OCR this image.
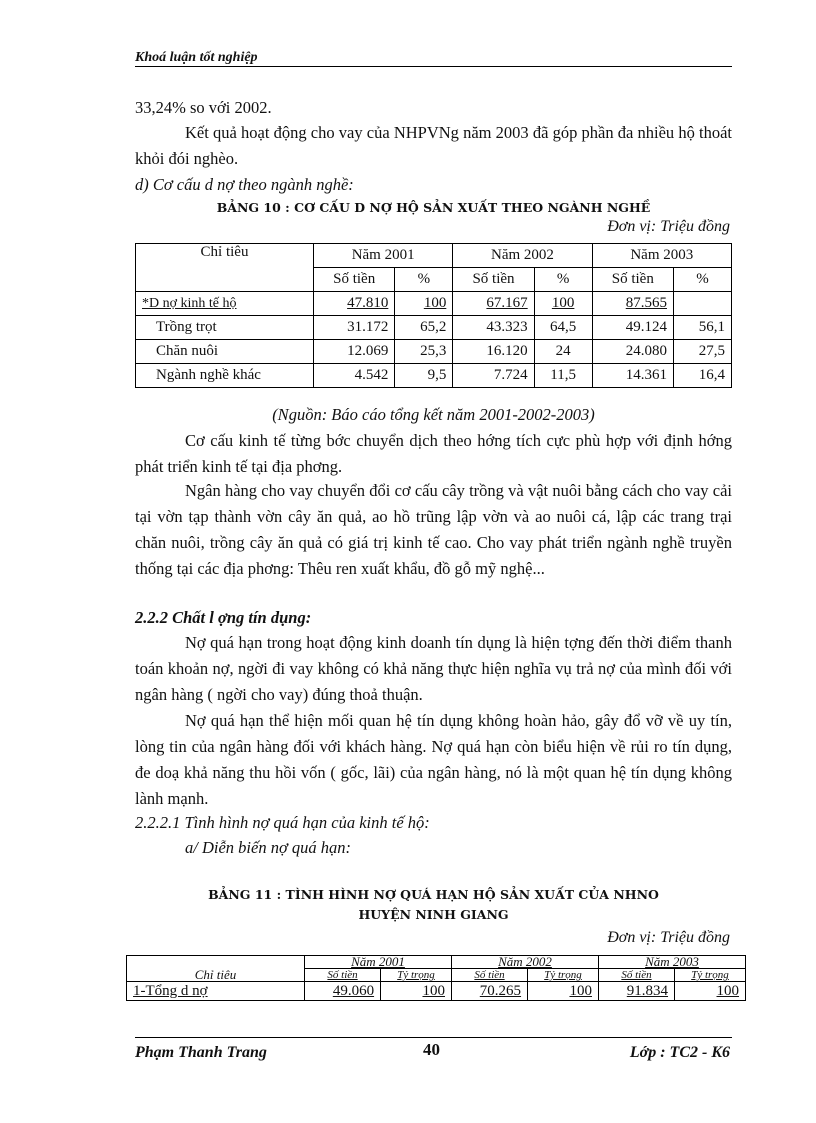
Khoá luận tốt nghiệp
33,24% so với 2002.
Kết quả hoạt động cho vay của NHPVNg năm 2003 đã góp phần đa nhiều hộ thoát khỏi đói nghèo.
d) Cơ cấu d nợ theo ngành nghề:
BẢNG 10 : CƠ CẤU D NỢ HỘ SẢN XUẤT THEO NGÀNH NGHỀ
Đơn vị: Triệu đồng
Chỉ tiêu	Năm 2001		Năm 2002		Năm 2003	
	Số tiền	%	Số tiền	%	Số tiền	%
*D nợ kinh tế hộ	47.810	100	67.167	100	87.565	
Trồng trọt	31.172	65,2	43.323	64,5	49.124	56,1
Chăn nuôi	12.069	25,3	16.120	24	24.080	27,5
Ngành nghề khác	4.542	9,5	7.724	11,5	14.361	16,4
(Nguồn: Báo cáo tổng kết năm 2001-2002-2003)
Cơ cấu kinh tế từng bớc chuyển dịch theo hớng tích cực phù hợp với định hớng phát triển kinh tế tại địa phơng.
Ngân hàng cho vay chuyển đổi cơ cấu cây trồng và vật nuôi bằng cách cho vay cải tại vờn tạp thành vờn cây ăn quả, ao hồ trũng lập vờn và ao nuôi cá, lập các trang trại chăn nuôi, trồng cây ăn quả có giá trị kinh tế cao. Cho vay phát triển ngành nghề truyền thống tại các địa phơng: Thêu ren xuất khẩu, đồ gỗ mỹ nghệ...
2.2.2 Chất l ợng tín dụng:
Nợ quá hạn trong hoạt động kinh doanh tín dụng là hiện tợng đến thời điểm thanh toán khoản nợ, ngời đi vay không có khả năng thực hiện nghĩa vụ trả nợ của mình đối với ngân hàng ( ngời cho vay) đúng thoả thuận.
Nợ quá hạn thể hiện mối quan hệ tín dụng không hoàn hảo, gây đổ vỡ về uy tín, lòng tin của ngân hàng đối với khách hàng. Nợ quá hạn còn biểu hiện về rủi ro tín dụng, đe doạ khả năng thu hồi vốn ( gốc, lãi) của ngân hàng, nó là một quan hệ tín dụng không lành mạnh.
2.2.2.1 Tình hình nợ quá hạn của kinh tế hộ:
a/ Diễn biến nợ quá hạn:
BẢNG 11 : TÌNH HÌNH NỢ QUÁ HẠN HỘ SẢN XUẤT CỦA NHNO
HUYỆN NINH GIANG
Đơn vị: Triệu đồng
Chỉ tiêu	Năm 2001		Năm 2002		Năm 2003	
	Số tiền	Tỷ trọng	Số tiền	Tỷ trọng	Số tiền	Tỷ trọng
1-Tổng d nợ	49.060	100	70.265	100	91.834	100
Phạm Thanh Trang	40	Lớp : TC2 - K6
